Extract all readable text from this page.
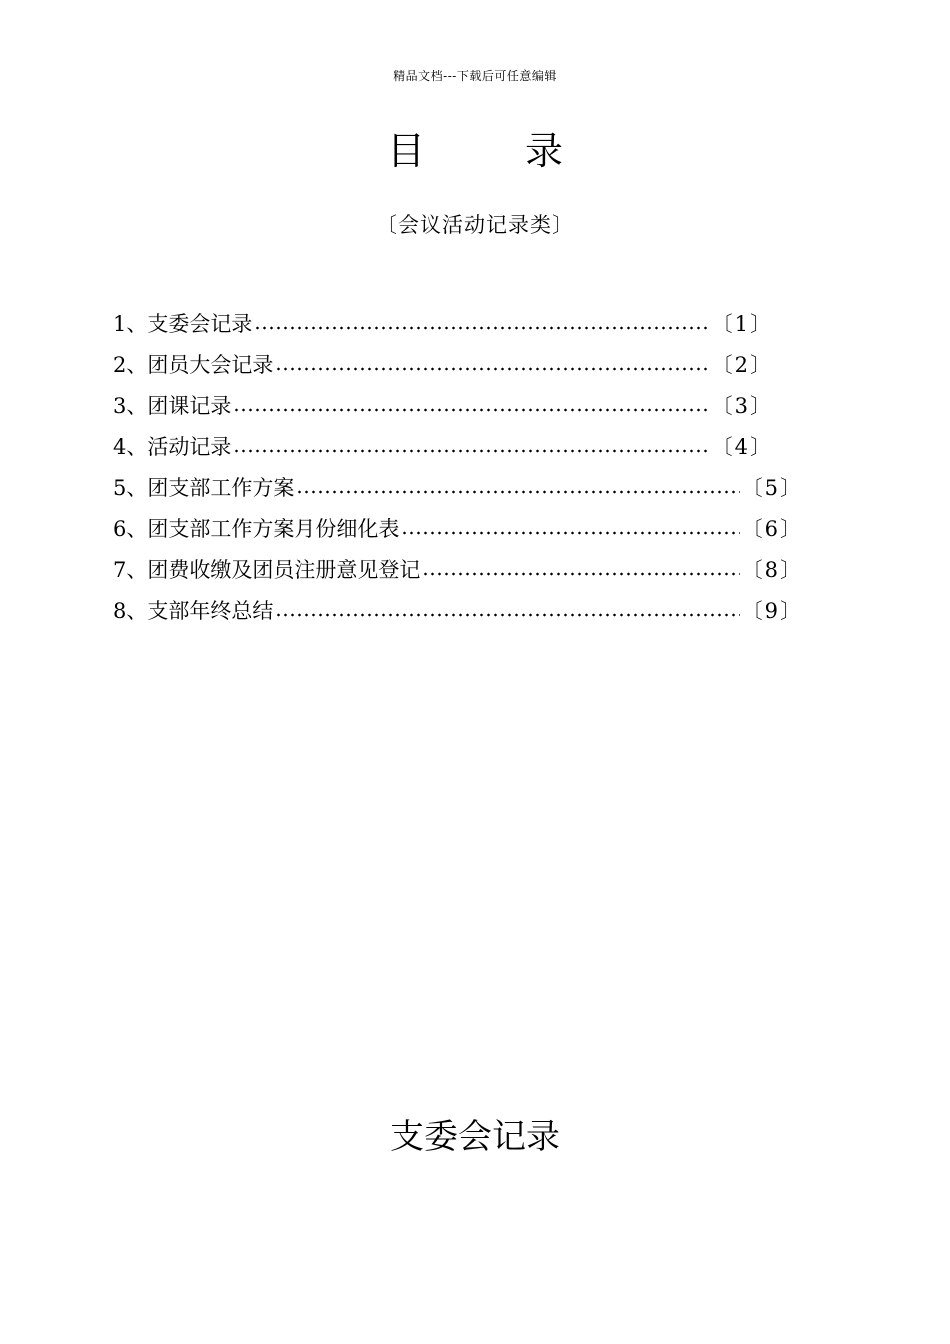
精品文档---下载后可任意编辑
目	录
〔会议活动记录类〕
1、支委会记录	〔1〕
2、团员大会记录	〔2〕
3、团课记录	〔3〕
4、活动记录	〔4〕
5、团支部工作方案	〔5〕
6、团支部工作方案月份细化表	〔6〕
7、团费收缴及团员注册意见登记	〔8〕
8、支部年终总结	〔9〕
支委会记录
